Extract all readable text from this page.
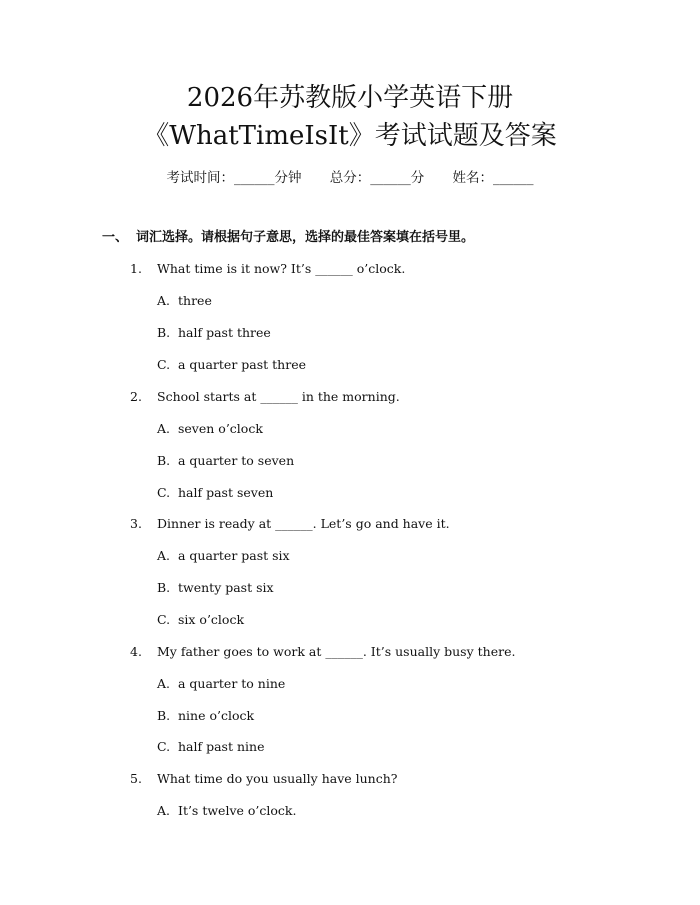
2026年苏教版小学英语下册
《WhatTimeIsIt》考试试题及答案
考试时间：______分钟 总分：______分 姓名：______
一、 词汇选择。请根据句子意思，选择的最佳答案填在括号里。
1. What time is it now? It’s ______ o’clock.
A. three
B. half past three
C. a quarter past three
2. School starts at ______ in the morning.
A. seven o’clock
B. a quarter to seven
C. half past seven
3. Dinner is ready at ______. Let’s go and have it.
A. a quarter past six
B. twenty past six
C. six o’clock
4. My father goes to work at ______. It’s usually busy there.
A. a quarter to nine
B. nine o’clock
C. half past nine
5. What time do you usually have lunch?
A. It’s twelve o’clock.
